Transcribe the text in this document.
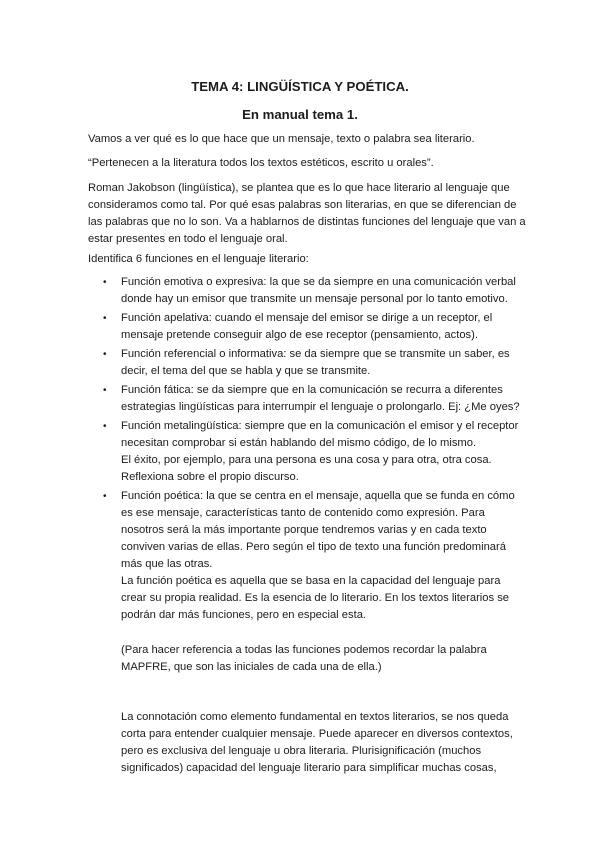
TEMA 4: LINGÜÍSTICA Y POÉTICA.
En manual tema 1.

Vamos a ver qué es lo que hace que un mensaje, texto o palabra sea literario.

“Pertenecen a la literatura todos los textos estéticos, escrito u orales”.

Roman Jakobson (lingüística), se plantea que es lo que hace literario al lenguaje que consideramos como tal. Por qué esas palabras son literarias, en que se diferencian de las palabras que no lo son. Va a hablarnos de distintas funciones del lenguaje que van a estar presentes en todo el lenguaje oral.

Identifica 6 funciones en el lenguaje literario:

• Función emotiva o expresiva: la que se da siempre en una comunicación verbal donde hay un emisor que transmite un mensaje personal por lo tanto emotivo.
• Función apelativa: cuando el mensaje del emisor se dirige a un receptor, el mensaje pretende conseguir algo de ese receptor (pensamiento, actos).
• Función referencial o informativa: se da siempre que se transmite un saber, es decir, el tema del que se habla y que se transmite.
• Función fática: se da siempre que en la comunicación se recurra a diferentes estrategias lingüísticas para interrumpir el lenguaje o prolongarlo. Ej: ¿Me oyes?
• Función metalingüística: siempre que en la comunicación el emisor y el receptor necesitan comprobar si están hablando del mismo código, de lo mismo.
El éxito, por ejemplo, para una persona es una cosa y para otra, otra cosa. Reflexiona sobre el propio discurso.
• Función poética: la que se centra en el mensaje, aquella que se funda en cómo es ese mensaje, características tanto de contenido como expresión. Para nosotros será la más importante porque tendremos varias y en cada texto conviven varias de ellas. Pero según el tipo de texto una función predominará más que las otras.
La función poética es aquella que se basa en la capacidad del lenguaje para crear su propia realidad. Es la esencia de lo literario. En los textos literarios se podrán dar más funciones, pero en especial esta.

(Para hacer referencia a todas las funciones podemos recordar la palabra MAPFRE, que son las iniciales de cada una de ella.)

La connotación como elemento fundamental en textos literarios, se nos queda corta para entender cualquier mensaje. Puede aparecer en diversos contextos, pero es exclusiva del lenguaje u obra literaria. Plurisignificación (muchos significados) capacidad del lenguaje literario para simplificar muchas cosas,
